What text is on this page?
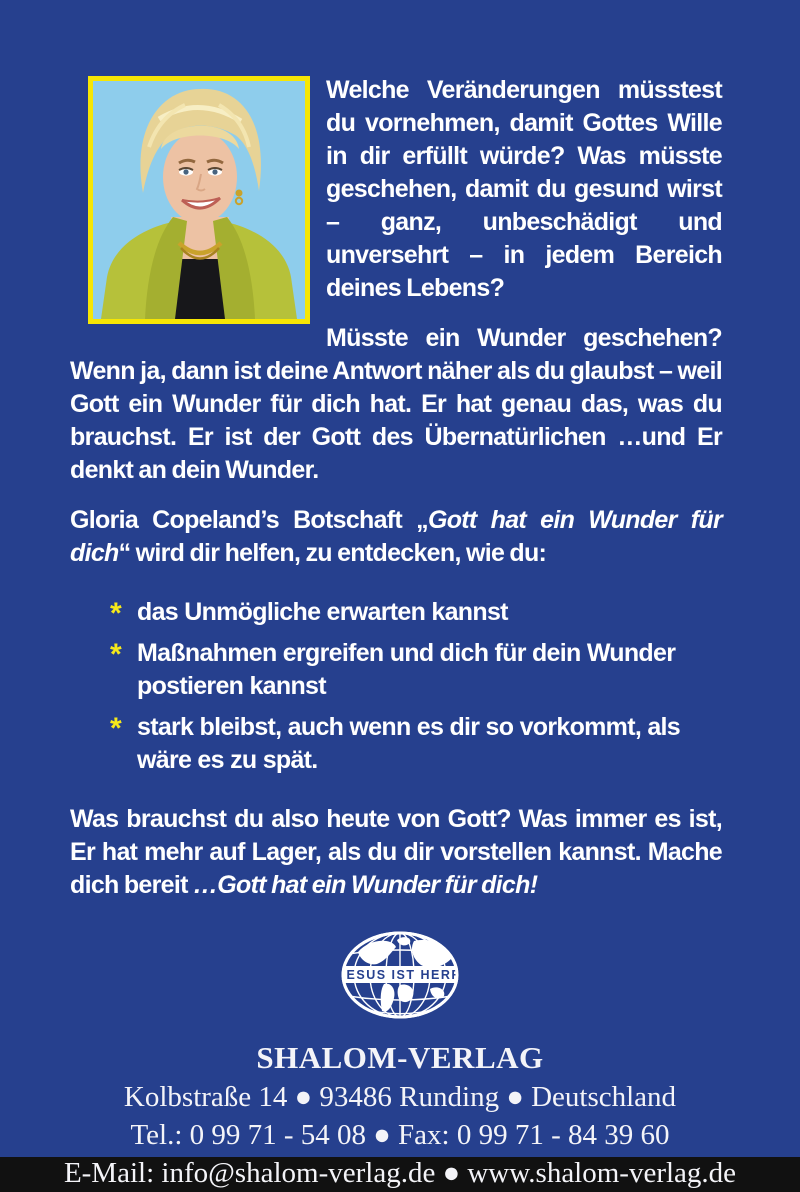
Welche Veränderungen müsstest du vornehmen, damit Gottes Wille in dir erfüllt würde? Was müsste geschehen, damit du gesund wirst – ganz, unbeschädigt und unversehrt – in jedem Bereich deines Lebens?

Müsste ein Wunder geschehen? Wenn ja, dann ist deine Antwort näher als du glaubst – weil Gott ein Wunder für dich hat. Er hat genau das, was du brauchst. Er ist der Gott des Übernatürlichen …und Er denkt an dein Wunder.

Gloria Copeland’s Botschaft „Gott hat ein Wunder für dich“ wird dir helfen, zu entdecken, wie du:

* das Unmögliche erwarten kannst
* Maßnahmen ergreifen und dich für dein Wunder postieren kannst
* stark bleibst, auch wenn es dir so vorkommt, als wäre es zu spät.

Was brauchst du also heute von Gott? Was immer es ist, Er hat mehr auf Lager, als du dir vorstellen kannst. Mache dich bereit …Gott hat ein Wunder für dich!

JESUS IST HERR
SHALOM-VERLAG
Kolbstraße 14 ● 93486 Runding ● Deutschland
Tel.: 0 99 71 - 54 08 ● Fax: 0 99 71 - 84 39 60
E-Mail: info@shalom-verlag.de ● www.shalom-verlag.de
